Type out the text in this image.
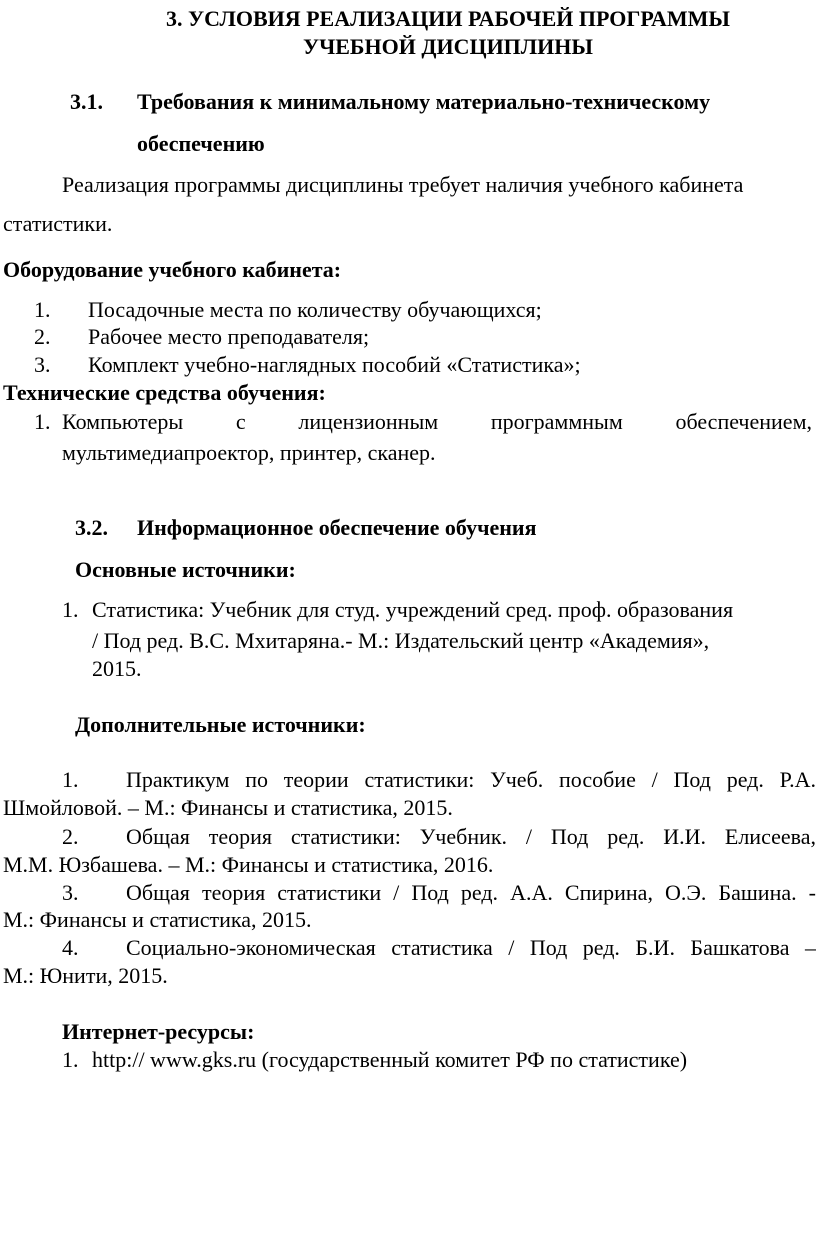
3. УСЛОВИЯ РЕАЛИЗАЦИИ РАБОЧЕЙ ПРОГРАММЫ
УЧЕБНОЙ ДИСЦИПЛИНЫ
3.1. Требования к минимальному материально-техническому
обеспечению
Реализация программы дисциплины требует наличия учебного кабинета
статистики.
Оборудование учебного кабинета:
1. Посадочные места по количеству обучающихся;
2. Рабочее место преподавателя;
3. Комплект учебно-наглядных пособий «Статистика»;
Технические средства обучения:
1. Компьютеры с лицензионным программным обеспечением,
мультимедиапроектор, принтер, сканер.
3.2. Информационное обеспечение обучения
Основные источники:
1. Статистика: Учебник для студ. учреждений сред. проф. образования
/ Под ред. В.С. Мхитаряна.- М.: Издательский центр «Академия»,
2015.
Дополнительные источники:
1. Практикум по теории статистики: Учеб. пособие / Под ред. Р.А.
Шмойловой. – М.: Финансы и статистика, 2015.
2. Общая теория статистики: Учебник. / Под ред. И.И. Елисеева,
М.М. Юзбашева. – М.: Финансы и статистика, 2016.
3. Общая теория статистики / Под ред. А.А. Спирина, О.Э. Башина. -
М.: Финансы и статистика, 2015.
4. Социально-экономическая статистика / Под ред. Б.И. Башкатова –
М.: Юнити, 2015.
Интернет-ресурсы:
1. http:// www.gks.ru (государственный комитет РФ по статистике)
